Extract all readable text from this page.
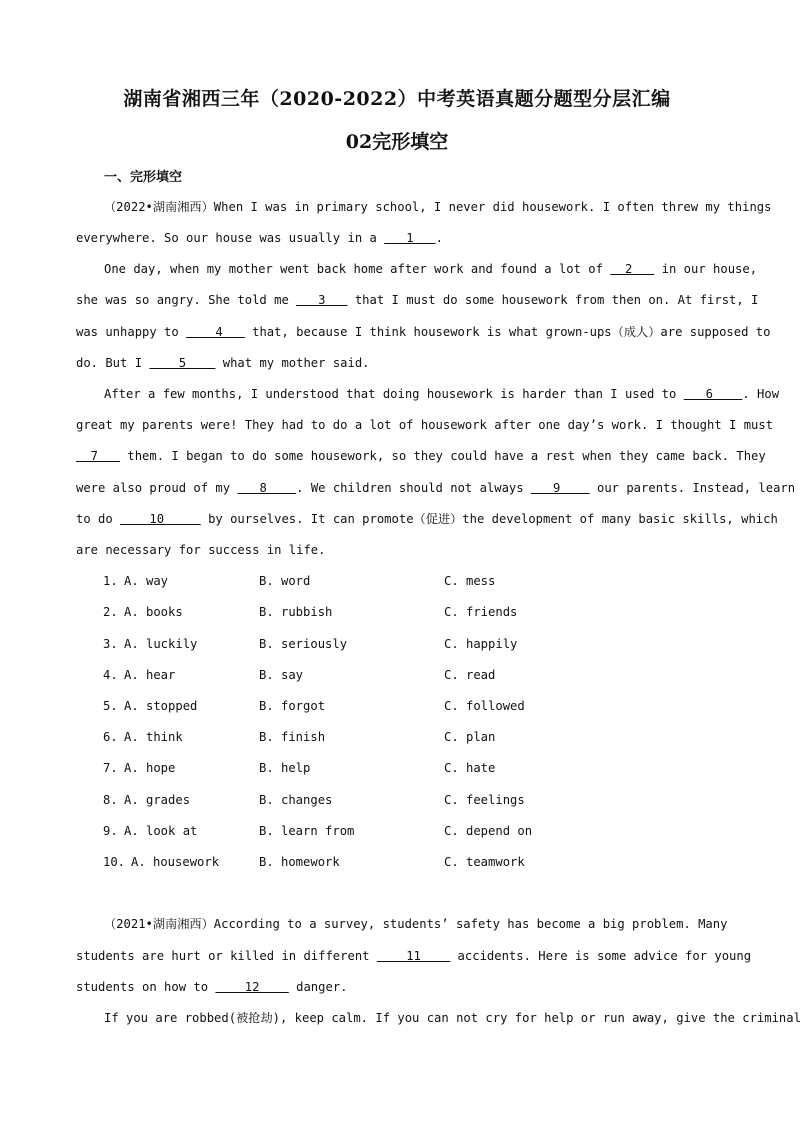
湖南省湘西三年（2020-2022）中考英语真题分题型分层汇编
02完形填空
一、完形填空
（2022•湖南湘西）When I was in primary school, I never did housework. I often threw my things
everywhere. So our house was usually in a    1   .
One day, when my mother went back home after work and found a lot of   2    in our house,
she was so angry. She told me    3    that I must do some housework from then on. At first, I
was unhappy to     4    that, because I think housework is what grown-ups（成人）are supposed to
do. But I     5     what my mother said.
After a few months, I understood that doing housework is harder than I used to    6    . How
great my parents were! They had to do a lot of housework after one day’s work. I thought I must
7    them. I began to do some housework, so they could have a rest when they came back. They
were also proud of my    8    . We children should not always    9     our parents. Instead, learn
to do     10      by ourselves. It can promote（促进）the development of many basic skills, which
are necessary for success in life.
1. A. way	B. word	C. mess
2. A. books	B. rubbish	C. friends
3. A. luckily	B. seriously	C. happily
4. A. hear	B. say	C. read
5. A. stopped	B. forgot	C. followed
6. A. think	B. finish	C. plan
7. A. hope	B. help	C. hate
8. A. grades	B. changes	C. feelings
9. A. look at	B. learn from	C. depend on
10. A. housework	B. homework	C. teamwork
（2021•湖南湘西）According to a survey, students’ safety has become a big problem. Many
students are hurt or killed in different     11     accidents. Here is some advice for young
students on how to     12     danger.
If you are robbed(被抢劫), keep calm. If you can not cry for help or run away, give the criminal
